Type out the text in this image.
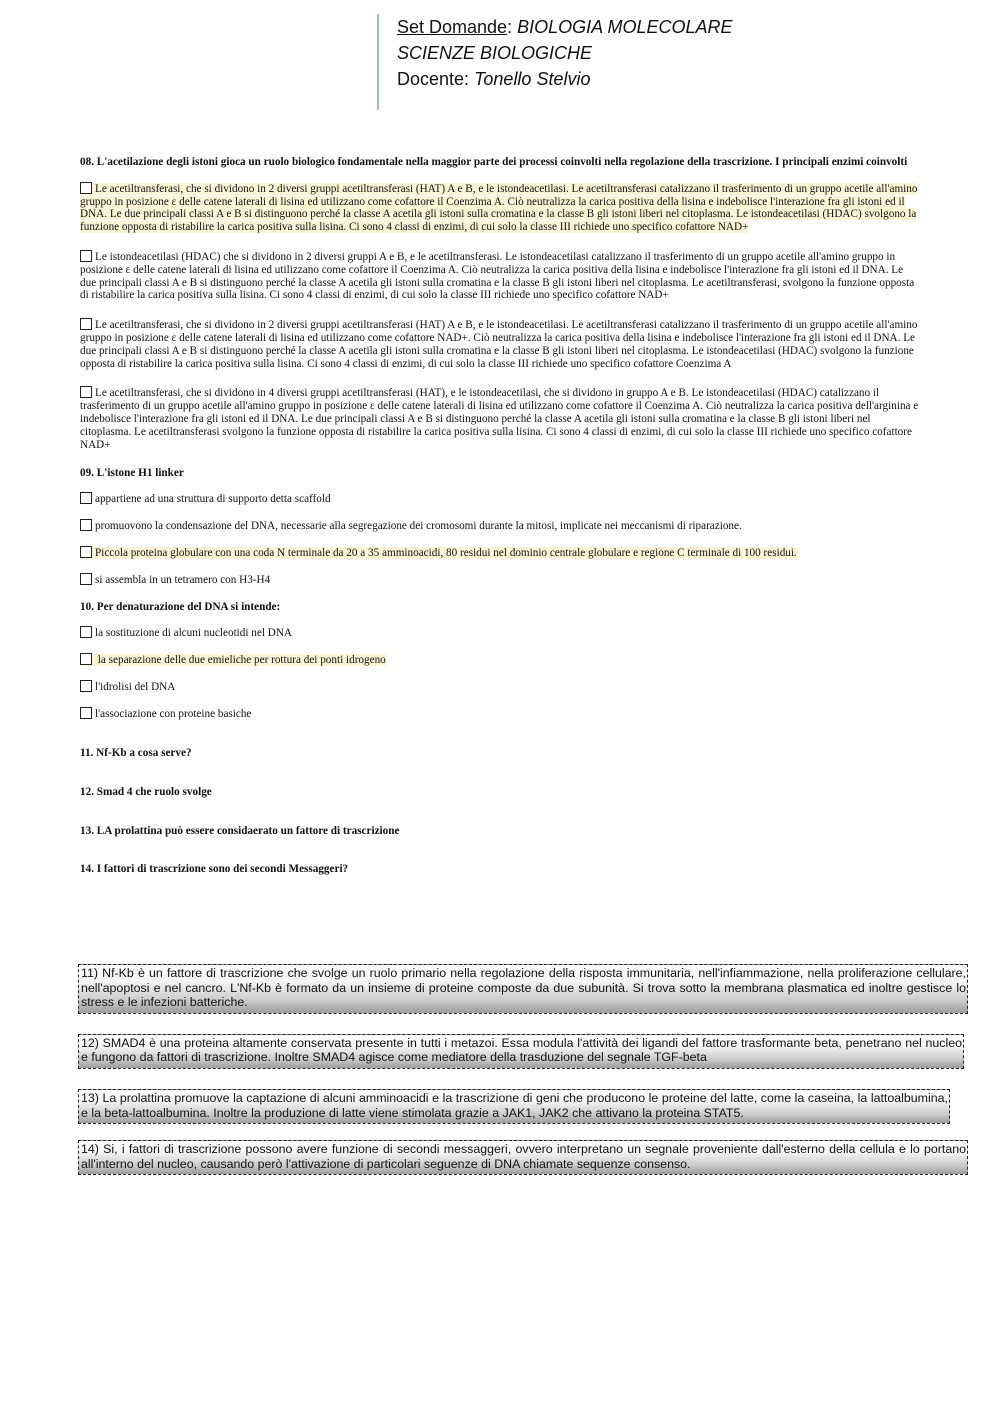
Set Domande: BIOLOGIA MOLECOLARE
SCIENZE BIOLOGICHE
Docente: Tonello Stelvio

08. L'acetilazione degli istoni gioca un ruolo biologico fondamentale nella maggior parte dei processi coinvolti nella regolazione della trascrizione. I principali enzimi coinvolti

Le acetiltransferasi, che si dividono in 2 diversi gruppi acetiltransferasi (HAT) A e B, e le istondeacetilasi. Le acetiltransferasi catalizzano il trasferimento di un gruppo acetile all'amino gruppo in posizione ε delle catene laterali di lisina ed utilizzano come cofattore il Coenzima A. Ciò neutralizza la carica positiva della lisina e indebolisce l'interazione fra gli istoni ed il DNA. Le due principali classi A e B si distinguono perché la classe A acetila gli istoni sulla cromatina e la classe B gli istoni liberi nel citoplasma. Le istondeacetilasi (HDAC) svolgono la funzione opposta di ristabilire la carica positiva sulla lisina. Ci sono 4 classi di enzimi, di cui solo la classe III richiede uno specifico cofattore NAD+
Le istondeacetilasi (HDAC) che si dividono in 2 diversi gruppi A e B, e le acetiltransferasi. Le istondeacetilasi catalizzano il trasferimento di un gruppo acetile all'amino gruppo in posizione ε delle catene laterali di lisina ed utilizzano come cofattore il Coenzima A. Ciò neutralizza la carica positiva della lisina e indebolisce l'interazione fra gli istoni ed il DNA. Le due principali classi A e B si distinguono perché la classe A acetila gli istoni sulla cromatina e la classe B gli istoni liberi nel citoplasma. Le acetiltransferasi, svolgono la funzione opposta di ristabilire la carica positiva sulla lisina. Ci sono 4 classi di enzimi, di cui solo la classe III richiede uno specifico cofattore NAD+
Le acetiltransferasi, che si dividono in 2 diversi gruppi acetiltransferasi (HAT) A e B, e le istondeacetilasi. Le acetiltransferasi catalizzano il trasferimento di un gruppo acetile all'amino gruppo in posizione ε delle catene laterali di lisina ed utilizzano come cofattore NAD+. Ciò neutralizza la carica positiva della lisina e indebolisce l'interazione fra gli istoni ed il DNA. Le due principali classi A e B si distinguono perché la classe A acetila gli istoni sulla cromatina e la classe B gli istoni liberi nel citoplasma. Le istondeacetilasi (HDAC) svolgono la funzione opposta di ristabilire la carica positiva sulla lisina. Ci sono 4 classi di enzimi, di cui solo la classe III richiede uno specifico cofattore Coenzima A
Le acetiltransferasi, che si dividono in 4 diversi gruppi acetiltransferasi (HAT), e le istondeacetilasi, che si dividono in gruppo A e B. Le istondeacetilasi (HDAC) catalizzano il trasferimento di un gruppo acetile all'amino gruppo in posizione ε delle catene laterali di lisina ed utilizzano come cofattore il Coenzima A. Ciò neutralizza la carica positiva dell'arginina e indebolisce l'interazione fra gli istoni ed il DNA. Le due principali classi A e B si distinguono perché la classe A acetila gli istoni sulla cromatina e la classe B gli istoni liberi nel citoplasma. Le acetiltransferasi svolgono la funzione opposta di ristabilire la carica positiva sulla lisina. Ci sono 4 classi di enzimi, di cui solo la classe III richiede uno specifico cofattore NAD+

09. L'istone H1 linker

appartiene ad una struttura di supporto detta scaffold
promuovono la condensazione del DNA, necessarie alla segregazione dei cromosomi durante la mitosi, implicate nei meccanismi di riparazione.
Piccola proteina globulare con una coda N terminale da 20 a 35 amminoacidi, 80 residui nel dominio centrale globulare e regione C terminale di 100 residui.
si assembla in un tetramero con H3-H4

10. Per denaturazione del DNA si intende:

la sostituzione di alcuni nucleotidi nel DNA
la separazione delle due emieliche per rottura dei ponti idrogeno
l'idrolisi del DNA
l'associazione con proteine basiche

11. Nf-Kb a cosa serve?

12. Smad 4 che ruolo svolge

13. LA prolattina può essere considaerato un fattore di trascrizione

14. I fattori di trascrizione sono dei secondi Messaggeri?

11) Nf-Kb è un fattore di trascrizione che svolge un ruolo primario nella regolazione della risposta immunitaria, nell'infiammazione, nella proliferazione cellulare, nell'apoptosi e nel cancro. L'Nf-Kb è formato da un insieme di proteine composte da due subunità. Si trova sotto la membrana plasmatica ed inoltre gestisce lo stress e le infezioni batteriche.
12) SMAD4 è una proteina altamente conservata presente in tutti i metazoi. Essa modula l'attività dei ligandi del fattore trasformante beta, penetrano nel nucleo e fungono da fattori di trascrizione. Inoltre SMAD4 agisce come mediatore della trasduzione del segnale TGF-beta
13) La prolattina promuove la captazione di alcuni amminoacidi e la trascrizione di geni che producono le proteine del latte, come la caseina, la lattoalbumina, e la beta-lattoalbumina. Inoltre la produzione di latte viene stimolata grazie a JAK1, JAK2 che attivano la proteina STAT5.
14) Si, i fattori di trascrizione possono avere funzione di secondi messaggeri, ovvero interpretano un segnale proveniente dall'esterno della cellula e lo portano all'interno del nucleo, causando però l'attivazione di particolari seguenze di DNA chiamate sequenze consenso.
